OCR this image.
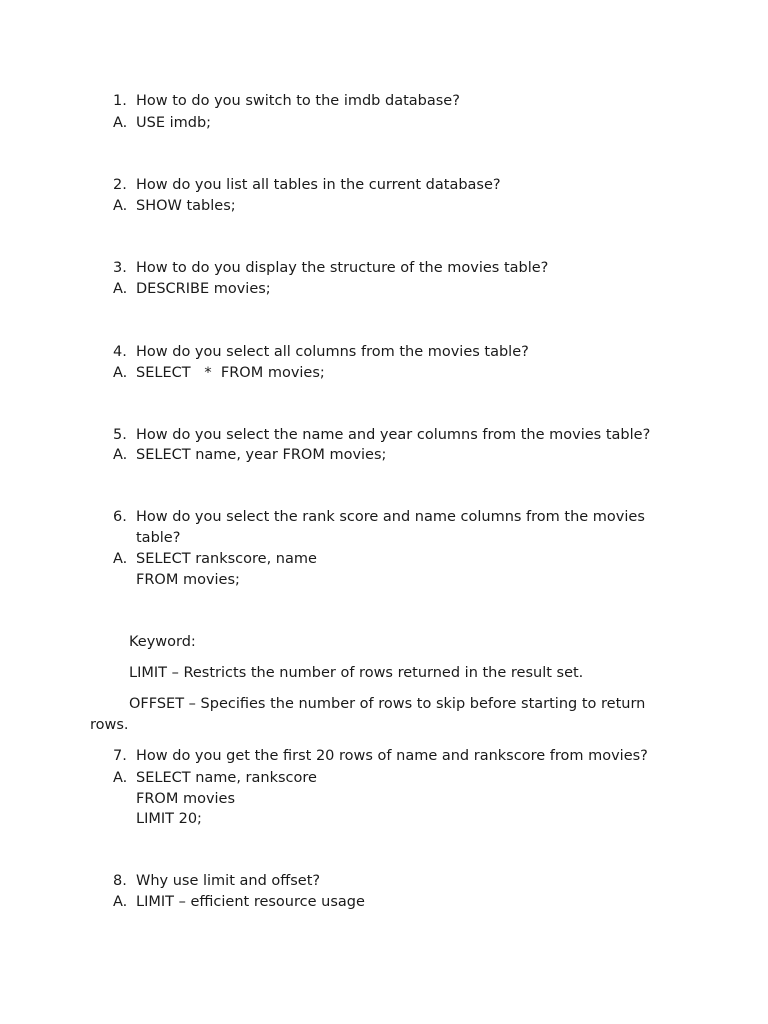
1. How to do you switch to the imdb database?
A. USE imdb;
2. How do you list all tables in the current database?
A. SHOW tables;
3. How to do you display the structure of the movies table?
A. DESCRIBE movies;
4. How do you select all columns from the movies table?
A. SELECT   *  FROM movies;
5. How do you select the name and year columns from the movies table?
A. SELECT name, year FROM movies;
6. How do you select the rank score and name columns from the movies
table?
A. SELECT rankscore, name
FROM movies;
Keyword:
LIMIT – Restricts the number of rows returned in the result set.
OFFSET – Specifies the number of rows to skip before starting to return
rows.
7. How do you get the first 20 rows of name and rankscore from movies?
A. SELECT name, rankscore
FROM movies
LIMIT 20;
8. Why use limit and offset?
A. LIMIT – efficient resource usage
